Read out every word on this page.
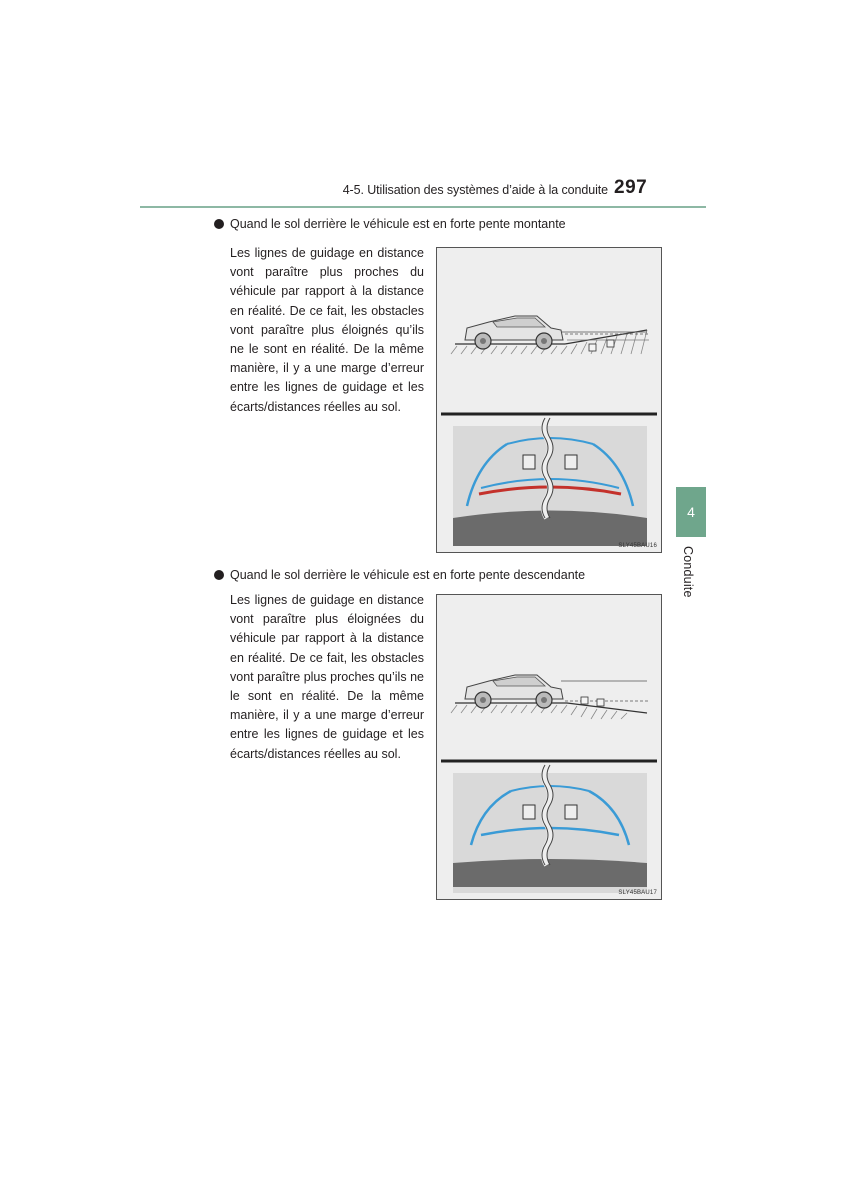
4-5. Utilisation des systèmes d’aide à la conduite 297
4
Conduite
Quand le sol derrière le véhicule est en forte pente montante

Les lignes de guidage en distance vont paraître plus proches du véhicule par rapport à la distance en réalité. De ce fait, les obstacles vont paraître plus éloignés qu’ils ne le sont en réalité. De la même manière, il y a une marge d’erreur entre les lignes de guidage et les écarts/distances réelles au sol.

SLY45BAU16
Quand le sol derrière le véhicule est en forte pente descendante

Les lignes de guidage en distance vont paraître plus éloignées du véhicule par rapport à la distance en réalité. De ce fait, les obstacles vont paraître plus proches qu’ils ne le sont en réalité. De la même manière, il y a une marge d’erreur entre les lignes de guidage et les écarts/distances réelles au sol.

SLY45BAU17
